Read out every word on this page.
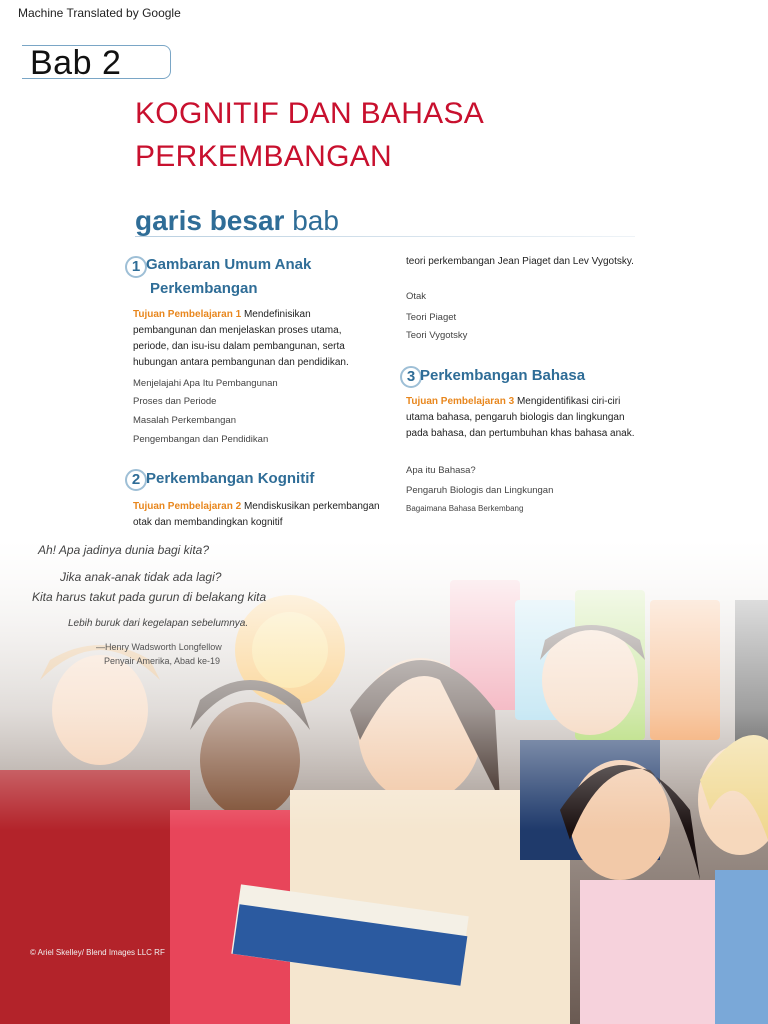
Machine Translated by Google
Bab 2
KOGNITIF DAN BAHASA
PERKEMBANGAN
garis besar bab
1 Gambaran Umum Anak
Perkembangan
Tujuan Pembelajaran 1 Mendefinisikan
pembangunan dan menjelaskan proses utama,
periode, dan isu-isu dalam pembangunan, serta
hubungan antara pembangunan dan pendidikan.
Menjelajahi Apa Itu Pembangunan
Proses dan Periode
Masalah Perkembangan
Pengembangan dan Pendidikan
2 Perkembangan Kognitif
Tujuan Pembelajaran 2 Mendiskusikan perkembangan
otak dan membandingkan kognitif
teori perkembangan Jean Piaget dan Lev Vygotsky.
Otak
Teori Piaget
Teori Vygotsky
3 Perkembangan Bahasa
Tujuan Pembelajaran 3 Mengidentifikasi ciri-ciri
utama bahasa, pengaruh biologis dan lingkungan
pada bahasa, dan pertumbuhan khas bahasa anak.
Apa itu Bahasa?
Pengaruh Biologis dan Lingkungan
Bagaimana Bahasa Berkembang
Ah! Apa jadinya dunia bagi kita?
Jika anak-anak tidak ada lagi?
Kita harus takut pada gurun di belakang kita
Lebih buruk dari kegelapan sebelumnya.
—Henry Wadsworth Longfellow
Penyair Amerika, Abad ke-19
© Ariel Skelley/ Blend Images LLC RF
